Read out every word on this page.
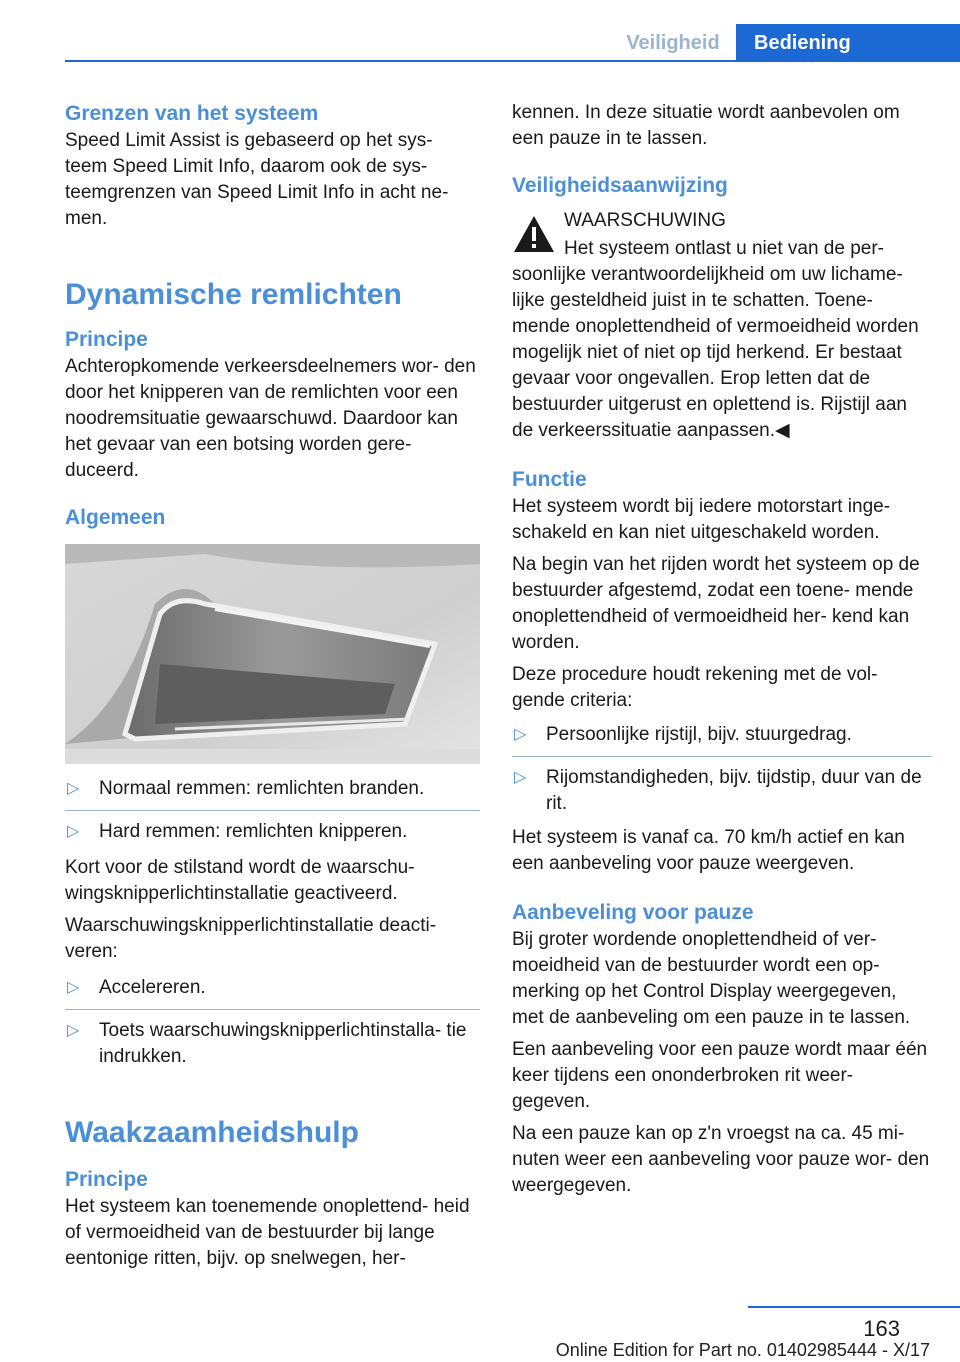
Veiligheid	Bediening
Grenzen van het systeem

Speed Limit Assist is gebaseerd op het sys‐ teem Speed Limit Info, daarom ook de sys‐ teemgrenzen van Speed Limit Info in acht ne‐ men.

Dynamische remlichten
Principe

Achteropkomende verkeersdeelnemers wor‐ den door het knipperen van de remlichten voor een noodremsituatie gewaarschuwd. Daardoor kan het gevaar van een botsing worden gere‐ duceerd.

Algemeen
▷ Normaal remmen: remlichten branden.
▷ Hard remmen: remlichten knipperen.

Kort voor de stilstand wordt de waarschu‐ wingsknipperlichtinstallatie geactiveerd.

Waarschuwingsknipperlichtinstallatie deacti‐ veren:

▷ Accelereren.
▷ Toets waarschuwingsknipperlichtinstalla‐ tie indrukken.
Waakzaamheidshulp
Principe

Het systeem kan toenemende onoplettend‐ heid of vermoeidheid van de bestuurder bij lange eentonige ritten, bijv. op snelwegen, her‐

kennen. In deze situatie wordt aanbevolen om een pauze in te lassen.

Veiligheidsaanwijzing

WAARSCHUWING

Het systeem ontlast u niet van de per‐ soonlijke verantwoordelijkheid om uw lichame‐ lijke gesteldheid juist in te schatten. Toene‐ mende onoplettendheid of vermoeidheid worden mogelijk niet of niet op tijd herkend. Er bestaat gevaar voor ongevallen. Erop letten dat de bestuurder uitgerust en oplettend is. Rijstijl aan de verkeerssituatie aanpassen.◀

Functie

Het systeem wordt bij iedere motorstart inge‐ schakeld en kan niet uitgeschakeld worden.

Na begin van het rijden wordt het systeem op de bestuurder afgestemd, zodat een toene‐ mende onoplettendheid of vermoeidheid her‐ kend kan worden.

Deze procedure houdt rekening met de vol‐ gende criteria:

▷ Persoonlijke rijstijl, bijv. stuurgedrag.
▷ Rijomstandigheden, bijv. tijdstip, duur van de rit.

Het systeem is vanaf ca. 70 km/h actief en kan een aanbeveling voor pauze weergeven.

Aanbeveling voor pauze

Bij groter wordende onoplettendheid of ver‐ moeidheid van de bestuurder wordt een op‐ merking op het Control Display weergegeven, met de aanbeveling om een pauze in te lassen.

Een aanbeveling voor een pauze wordt maar één keer tijdens een ononderbroken rit weer‐ gegeven.

Na een pauze kan op z'n vroegst na ca. 45 mi‐ nuten weer een aanbeveling voor pauze wor‐ den weergegeven.

163
Online Edition for Part no. 01402985444 - X/17
